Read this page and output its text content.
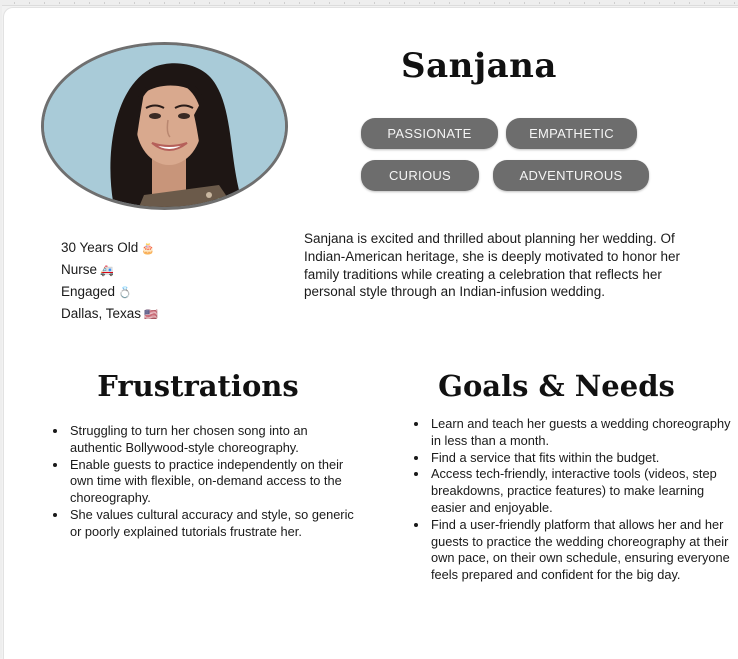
Sanjana
PASSIONATE	EMPATHETIC
CURIOUS	ADVENTUROUS
30 Years Old 🎂
Nurse 🚑
Engaged 💍
Dallas, Texas 🇺🇸
Sanjana is excited and thrilled about planning her wedding. Of Indian-American heritage, she is deeply motivated to honor her family traditions while creating a celebration that reflects her personal style through an Indian-infusion wedding.
Frustrations
• Struggling to turn her chosen song into an authentic Bollywood-style choreography.
• Enable guests to practice independently on their own time with flexible, on-demand access to the choreography.
• She values cultural accuracy and style, so generic or poorly explained tutorials frustrate her.
Goals & Needs
• Learn and teach her guests a wedding choreography in less than a month.
• Find a service that fits within the budget.
• Access tech-friendly, interactive tools (videos, step breakdowns, practice features) to make learning easier and enjoyable.
• Find a user-friendly platform that allows her and her guests to practice the wedding choreography at their own pace, on their own schedule, ensuring everyone feels prepared and confident for the big day.
